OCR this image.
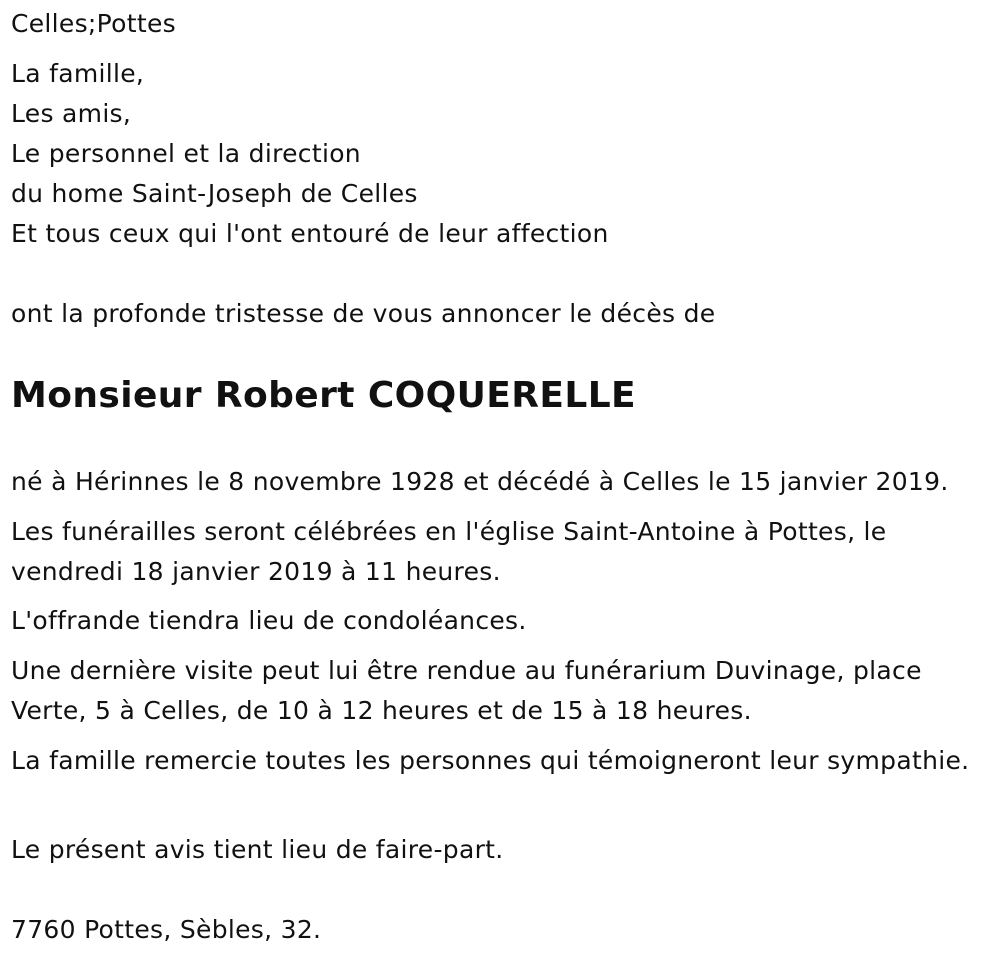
Celles;Pottes
La famille,
Les amis,
Le personnel et la direction
du home Saint-Joseph de Celles
Et tous ceux qui l'ont entouré de leur affection
ont la profonde tristesse de vous annoncer le décès de
Monsieur Robert COQUERELLE

né à Hérinnes le 8 novembre 1928 et décédé à Celles le 15 janvier 2019.

Les funérailles seront célébrées en l'église Saint-Antoine à Pottes, le vendredi 18 janvier 2019 à 11 heures.

L'offrande tiendra lieu de condoléances.

Une dernière visite peut lui être rendue au funérarium Duvinage, place Verte, 5 à Celles, de 10 à 12 heures et de 15 à 18 heures.

La famille remercie toutes les personnes qui témoigneront leur sympathie.

Le présent avis tient lieu de faire-part.

7760 Pottes, Sèbles, 32.
